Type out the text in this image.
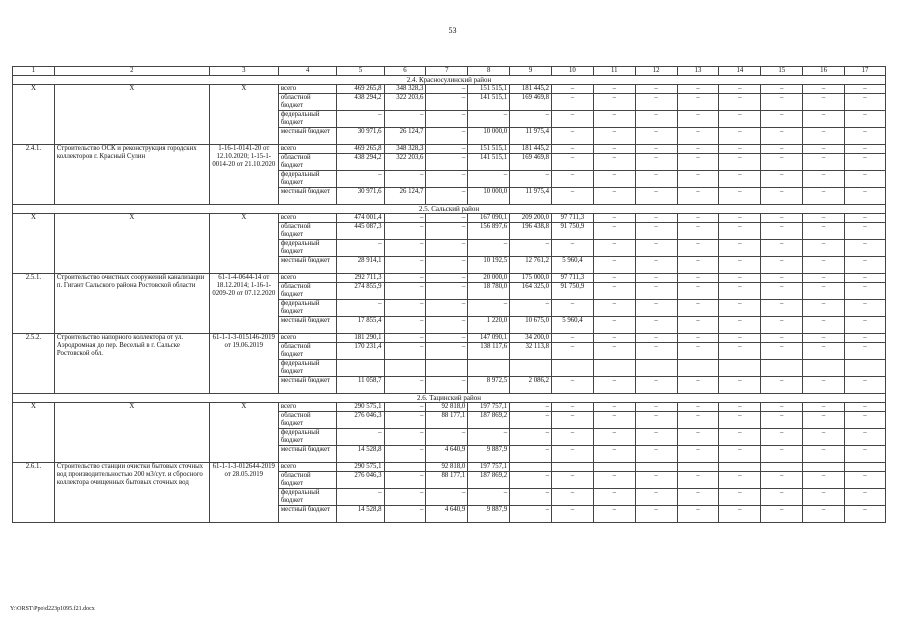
53
1	2	3	4	5	6	7	8	9	10	11	12	13	14	15	16	17
2.4. Красносулинский район																
Х	Х	Х	всего	469 265,8	348 328,3	–	151 515,1	181 445,2	–	–	–	–	–	–	–	–
			областной бюджет	438 294,2	322 203,6	–	141 515,1	169 469,8	–	–	–	–	–	–	–	–
			федеральный бюджет	–	–	–	–	–	–	–	–	–	–	–	–	–
			местный бюджет	30 971,6	26 124,7	–	10 000,0	11 975,4	–	–	–	–	–	–	–	–
2.4.1.	Строительство ОСК и реконструкция городских коллекторов г. Красный Сулин	1-16-1-0141-20 от 12.10.2020; 1-15-1-0014-20 от 21.10.2020	всего	469 265,8	348 328,3	–	151 515,1	181 445,2	–	–	–	–	–	–	–	–
			областной бюджет	438 294,2	322 203,6	–	141 515,1	169 469,8	–	–	–	–	–	–	–	–
			федеральный бюджет	–	–	–	–	–	–	–	–	–	–	–	–	–
			местный бюджет	30 971,6	26 124,7	–	10 000,0	11 975,4	–	–	–	–	–	–	–	–
2.5. Сальский район																
Х	Х	Х	всего	474 001,4	–	–	167 090,1	209 200,0	97 711,3	–	–	–	–	–	–	–
			областной бюджет	445 087,3	–	–	156 897,6	196 438,8	91 750,9	–	–	–	–	–	–	–
			федеральный бюджет	–	–	–	–	–	–	–	–	–	–	–	–	–
			местный бюджет	28 914,1	–	–	10 192,5	12 761,2	5 960,4	–	–	–	–	–	–	–
2.5.1.	Строительство очистных сооружений канализации п. Гигант Сальского района Ростовской области	61-1-4-0644-14 от 18.12.2014; 1-16-1-0209-20 от 07.12.2020	всего	292 711,3	–	–	20 000,0	175 000,0	97 711,3	–	–	–	–	–	–	–
			областной бюджет	274 855,9	–	–	18 780,0	164 325,0	91 750,9	–	–	–	–	–	–	–
			федеральный бюджет	–	–	–	–	–	–	–	–	–	–	–	–	–
			местный бюджет	17 855,4	–	–	1 220,0	10 675,0	5 960,4	–	–	–	–	–	–	–
2.5.2.	Строительство напорного коллектора от ул. Аэродромная до пер. Веселый в г. Сальске Ростовской обл.	61-1-1-3-015146-2019 от 19.06.2019	всего	181 290,1	–	–	147 090,1	34 200,0	–	–	–	–	–	–	–	–
			областной бюджет	170 231,4	–	–	138 117,6	32 113,8	–	–	–	–	–	–	–	–
			федеральный бюджет													
			местный бюджет	11 058,7	–	–	8 972,5	2 086,2	–	–	–	–	–	–	–	–
2.6. Тацинский район																
Х	Х	Х	всего	290 575,1	–	92 818,0	197 757,1	–	–	–	–	–	–	–	–	–
			областной бюджет	276 046,3	–	88 177,1	187 869,2	–	–	–	–	–	–	–	–	–
			федеральный бюджет	–	–	–	–	–	–	–	–	–	–	–	–	–
			местный бюджет	14 528,8	–	4 640,9	9 887,9	–	–	–	–	–	–	–	–	–
2.6.1.	Строительство станции очистки бытовых сточных вод производительностью 200 м3/сут. и сбросного коллектора очищенных бытовых сточных вод	61-1-1-3-012644-2019 от 28.05.2019	всего	290 575,1		92 818,0	197 757,1									
			областной бюджет	276 046,3	–	88 177,1	187 869,2	–	–	–	–	–	–	–	–	–
			федеральный бюджет	–	–	–	–	–	–	–	–	–	–	–	–	–
			местный бюджет	14 528,8	–	4 640,9	9 887,9	–	–	–	–	–	–	–	–	–
Y:\ORST\Ppo\d223p1095.f21.docx
